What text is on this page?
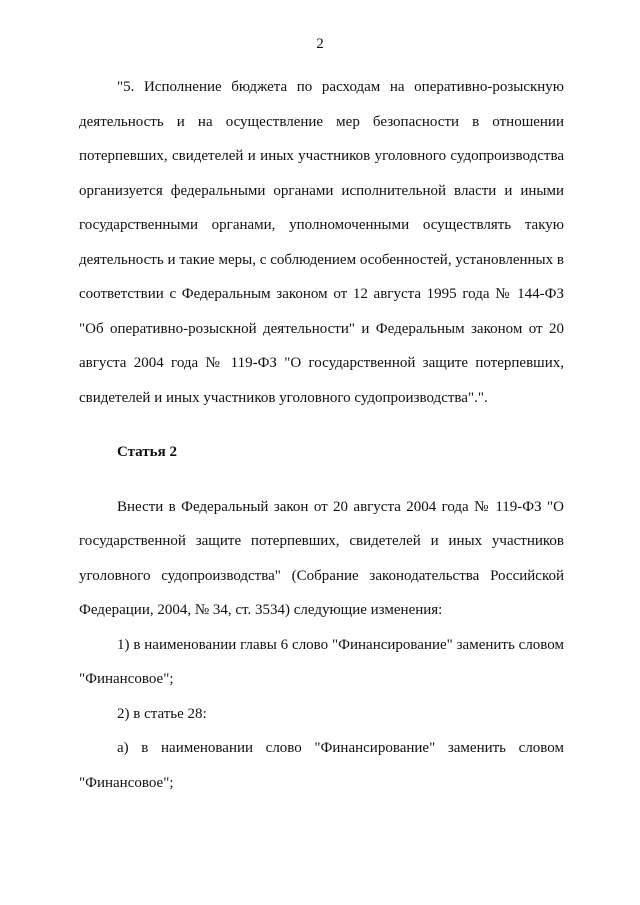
2

"5. Исполнение бюджета по расходам на оперативно-розыскную деятельность и на осуществление мер безопасности в отношении потерпевших, свидетелей и иных участников уголовного судопроизводства организуется федеральными органами исполнительной власти и иными государственными органами, уполномоченными осуществлять такую деятельность и такие меры, с соблюдением особенностей, установленных в соответствии с Федеральным законом от 12 августа 1995 года № 144-ФЗ "Об оперативно-розыскной деятельности" и Федеральным законом от 20 августа 2004 года № 119-ФЗ "О государственной защите потерпевших, свидетелей и иных участников уголовного судопроизводства".".

Статья 2

Внести в Федеральный закон от 20 августа 2004 года № 119-ФЗ "О государственной защите потерпевших, свидетелей и иных участников уголовного судопроизводства" (Собрание законодательства Российской Федерации, 2004, № 34, ст. 3534) следующие изменения:

1) в наименовании главы 6 слово "Финансирование" заменить словом "Финансовое";

2) в статье 28:

а) в наименовании слово "Финансирование" заменить словом "Финансовое";
